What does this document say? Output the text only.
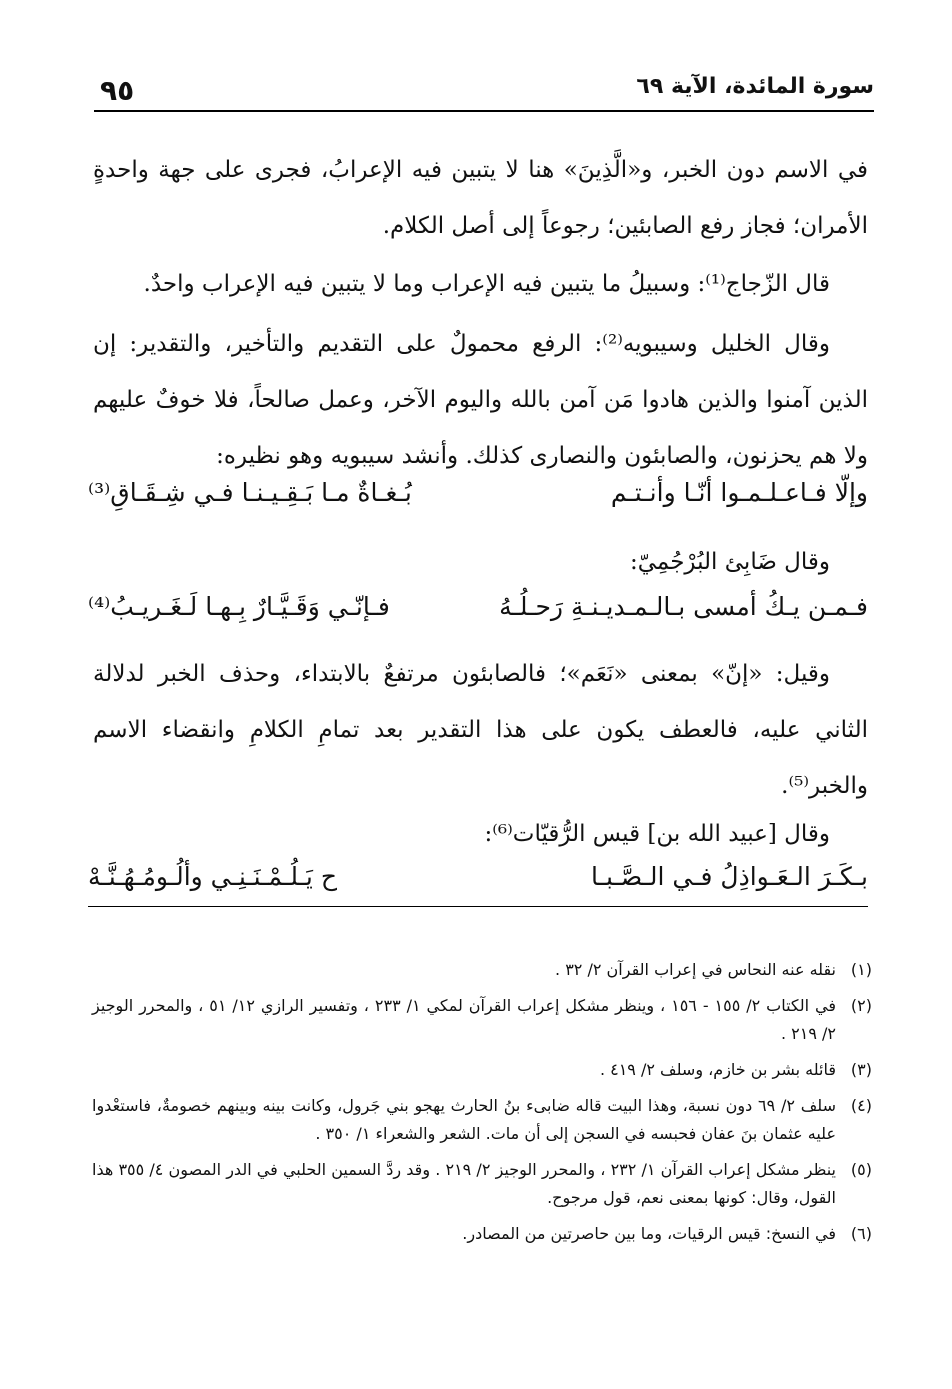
٩٥	سورة المائدة، الآية ٦٩
في الاسم دون الخبر، و«الَّذِينَ» هنا لا يتبين فيه الإعرابُ، فجرى على جهة واحدةٍ الأمران؛ فجاز رفع الصابئين؛ رجوعاً إلى أصل الكلام.
قال الزّجاج⁽¹⁾: وسبيلُ ما يتبين فيه الإعراب وما لا يتبين فيه الإعراب واحدٌ.
وقال الخليل وسيبويه⁽²⁾: الرفع محمولٌ على التقديم والتأخير، والتقدير: إن الذين آمنوا والذين هادوا مَن آمن بالله واليوم الآخر، وعمل صالحاً، فلا خوفٌ عليهم ولا هم يحزنون، والصابئون والنصارى كذلك. وأنشد سيبويه وهو نظيره:
وإلّا فـاعـلـمـوا أنّـا وأنـتـم
بُـغـاةٌ مـا بَـقِـيـنـا فـي شِـقَـاقِ⁽³⁾
وقال ضَابِئ البُرْجُمِيّ:
فـمـن يـكُ أمسى بـالـمـديـنـةِ رَحـلُـهُ
فـإنّـي وَقَـيَّـارٌ بِـهـا لَـغَـريـبُ⁽⁴⁾
وقيل: «إنّ» بمعنى «نَعَم»؛ فالصابئون مرتفعٌ بالابتداء، وحذف الخبر لدلالة الثاني عليه، فالعطف يكون على هذا التقدير بعد تمامِ الكلامِ وانقضاء الاسم والخبر⁽⁵⁾.
وقال [عبيد الله بن] قيس الرُّقيّات⁽⁶⁾:
بـكَـرَ الـعَـواذِلُ فـي الـصَّـبـا
ح يَـلُـمْـنَـنِـي وألُـومُـهُـنَّـهْ
(١)
نقله عنه النحاس في إعراب القرآن ٢/ ٣٢ .
(٢)
في الكتاب ٢/ ١٥٥ - ١٥٦ ، وينظر مشكل إعراب القرآن لمكي ١/ ٢٣٣ ، وتفسير الرازي ١٢/ ٥١ ، والمحرر الوجيز ٢/ ٢١٩ .
(٣)
قائله بشر بن خازم، وسلف ٢/ ٤١٩ .
(٤)
سلف ٢/ ٦٩ دون نسبة، وهذا البيت قاله ضابىء بنُ الحارث يهجو بني جَرول، وكانت بينه وبينهم خصومةٌ، فاستعْدوا عليه عثمان بنَ عفان فحبسه في السجن إلى أن مات. الشعر والشعراء ١/ ٣٥٠ .
(٥)
ينظر مشكل إعراب القرآن ١/ ٢٣٢ ، والمحرر الوجيز ٢/ ٢١٩ . وقد ردَّ السمين الحلبي في الدر المصون ٤/ ٣٥٥ هذا القول، وقال: كونها بمعنى نعم، قول مرجوح.
(٦)
في النسخ: قيس الرقيات، وما بين حاصرتين من المصادر.
